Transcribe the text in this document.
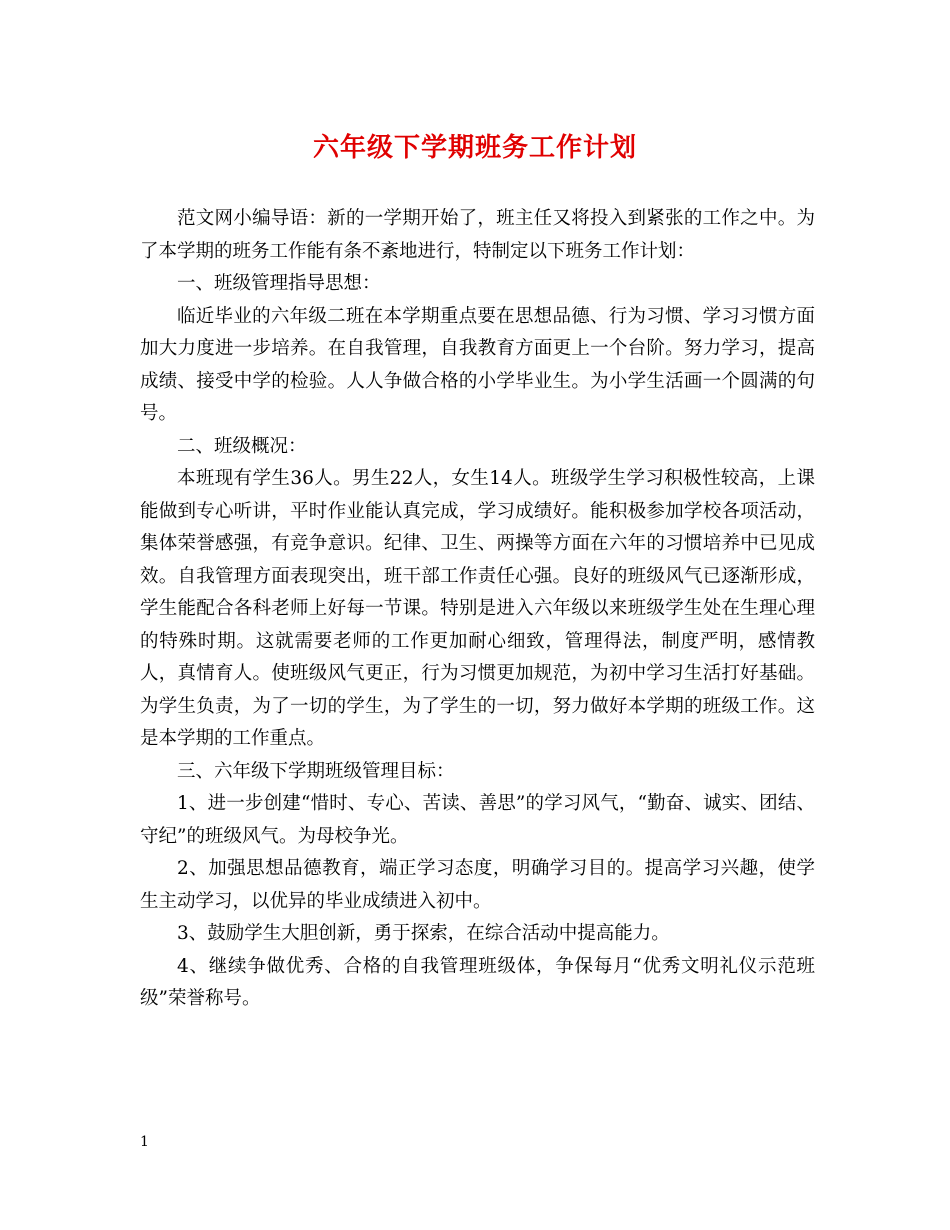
六年级下学期班务工作计划

范文网小编导语：新的一学期开始了，班主任又将投入到紧张的工作之中。为了本学期的班务工作能有条不紊地进行，特制定以下班务工作计划：

一、班级管理指导思想：

临近毕业的六年级二班在本学期重点要在思想品德、行为习惯、学习习惯方面加大力度进一步培养。在自我管理，自我教育方面更上一个台阶。努力学习，提高成绩、接受中学的检验。人人争做合格的小学毕业生。为小学生活画一个圆满的句号。

二、班级概况：

本班现有学生36人。男生22人，女生14人。班级学生学习积极性较高，上课能做到专心听讲，平时作业能认真完成，学习成绩好。能积极参加学校各项活动，集体荣誉感强，有竞争意识。纪律、卫生、两操等方面在六年的习惯培养中已见成效。自我管理方面表现突出，班干部工作责任心强。良好的班级风气已逐渐形成，学生能配合各科老师上好每一节课。特别是进入六年级以来班级学生处在生理心理的特殊时期。这就需要老师的工作更加耐心细致，管理得法，制度严明，感情教人，真情育人。使班级风气更正，行为习惯更加规范，为初中学习生活打好基础。为学生负责，为了一切的学生，为了学生的一切，努力做好本学期的班级工作。这是本学期的工作重点。

三、六年级下学期班级管理目标：

1、进一步创建“惜时、专心、苦读、善思”的学习风气，“勤奋、诚实、团结、守纪”的班级风气。为母校争光。

2、加强思想品德教育，端正学习态度，明确学习目的。提高学习兴趣，使学生主动学习，以优异的毕业成绩进入初中。

3、鼓励学生大胆创新，勇于探索，在综合活动中提高能力。

4、继续争做优秀、合格的自我管理班级体，争保每月“优秀文明礼仪示范班级”荣誉称号。

1
